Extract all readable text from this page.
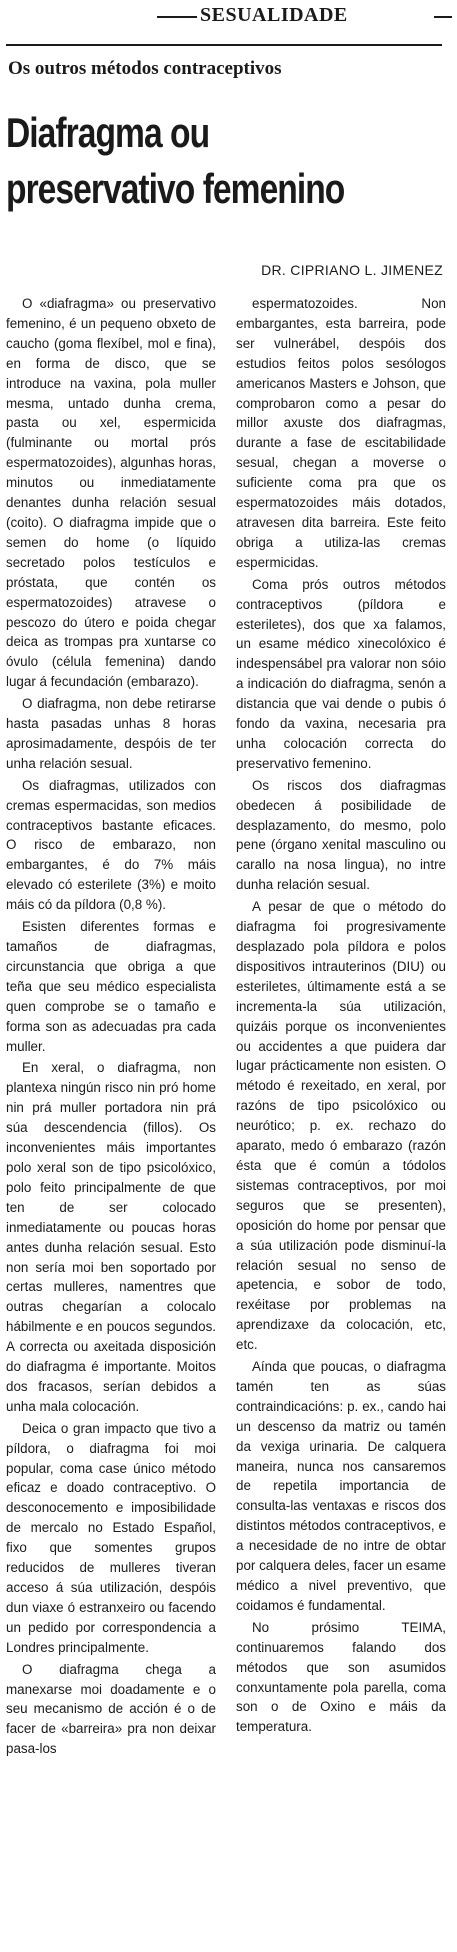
SESUALIDADE
Os outros métodos contraceptivos
Diafragma ou
preservativo femenino
DR. CIPRIANO L. JIMENEZ

O «diafragma» ou preservativo femenino, é un pequeno obxeto de caucho (goma flexíbel, mol e fina), en forma de disco, que se introduce na vaxina, pola muller mesma, untado dunha crema, pasta ou xel, espermicida (fulminante ou mortal prós espermatozoides), algunhas horas, minutos ou inmediatamente denantes dunha relación sesual (coito). O diafragma impide que o semen do home (o líquido secretado polos testículos e próstata, que contén os espermatozoides) atravese o pescozo do útero e poida chegar deica as trompas pra xuntarse co óvulo (célula femenina) dando lugar á fecundación (embarazo).

O diafragma, non debe retirarse hasta pasadas unhas 8 horas aprosimadamente, despóis de ter unha relación sesual.

Os diafragmas, utilizados con cremas espermacidas, son medios contraceptivos bastante eficaces. O risco de embarazo, non embargantes, é do 7% máis elevado có esterilete (3%) e moito máis có da píldora (0,8 %).

Esisten diferentes formas e tamaños de diafragmas, circunstancia que obriga a que teña que seu médico especialista quen comprobe se o tamaño e forma son as adecuadas pra cada muller.

En xeral, o diafragma, non plantexa ningún risco nin pró home nin prá muller portadora nin prá súa descendencia (fillos). Os inconvenientes máis importantes polo xeral son de tipo psicolóxico, polo feito principalmente de que ten de ser colocado inmediatamente ou poucas horas antes dunha relación sesual. Esto non sería moi ben soportado por certas mulleres, namentres que outras chegarían a colocalo hábilmente e en poucos segundos. A correcta ou axeitada disposición do diafragma é importante. Moitos dos fracasos, serían debidos a unha mala colocación.

Deica o gran impacto que tivo a píldora, o diafragma foi moi popular, coma case único método eficaz e doado contraceptivo. O desconocemento e imposibilidade de mercalo no Estado Español, fixo que somentes grupos reducidos de mulleres tiveran acceso á súa utilización, despóis dun viaxe ó estranxeiro ou facendo un pedido por correspondencia a Londres principalmente.

O diafragma chega a manexarse moi doadamente e o seu mecanismo de acción é o de facer de «barreira» pra non deixar pasa-los

espermatozoides. Non embargantes, esta barreira, pode ser vulnerábel, despóis dos estudios feitos polos sesólogos americanos Masters e Johson, que comprobaron como a pesar do millor axuste dos diafragmas, durante a fase de escitabilidade sesual, chegan a moverse o suficiente coma pra que os espermatozoides máis dotados, atravesen dita barreira. Este feito obriga a utiliza-las cremas espermicidas.

Coma prós outros métodos contraceptivos (píldora e esteriletes), dos que xa falamos, un esame médico xinecolóxico é indespensábel pra valorar non sóio a indicación do diafragma, senón a distancia que vai dende o pubis ó fondo da vaxina, necesaria pra unha colocación correcta do preservativo femenino.

Os riscos dos diafragmas obedecen á posibilidade de desplazamento, do mesmo, polo pene (órgano xenital masculino ou carallo na nosa lingua), no intre dunha relación sesual.

A pesar de que o método do diafragma foi progresivamente desplazado pola píldora e polos dispositivos intrauterinos (DIU) ou esteriletes, últimamente está a se incrementa-la súa utilización, quizáis porque os inconvenientes ou accidentes a que puidera dar lugar prácticamente non esisten. O método é rexeitado, en xeral, por razóns de tipo psicolóxico ou neurótico; p. ex. rechazo do aparato, medo ó embarazo (razón ésta que é común a tódolos sistemas contraceptivos, por moi seguros que se presenten), oposición do home por pensar que a súa utilización pode disminuí-la relación sesual no senso de apetencia, e sobor de todo, rexéitase por problemas na aprendizaxe da colocación, etc, etc.

Aínda que poucas, o diafragma tamén ten as súas contraindicacións: p. ex., cando hai un descenso da matriz ou tamén da vexiga urinaria. De calquera maneira, nunca nos cansaremos de repetila importancia de consulta-las ventaxas e riscos dos distintos métodos contraceptivos, e a necesidade de no intre de obtar por calquera deles, facer un esame médico a nivel preventivo, que coidamos é fundamental.

No prósimo TEIMA, continuaremos falando dos métodos que son asumidos conxuntamente pola parella, coma son o de Oxino e máis da temperatura.
